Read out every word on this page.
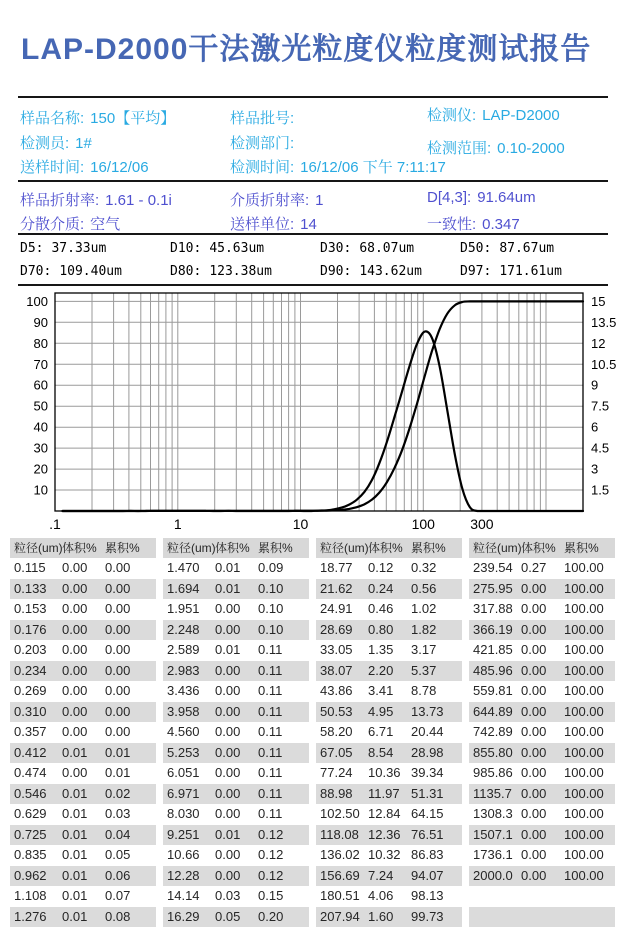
LAP-D2000干法激光粒度仪粒度测试报告
样品名称: 150【平均】	样品批号:	检测仪: LAP-D2000
检测员: 1#	检测部门:	检测范围: 0.10-2000
送样时间: 16/12/06	检测时间: 16/12/06 下午 7:11:17
样品折射率: 1.61 - 0.1i	介质折射率: 1	D[4,3]: 91.64um
分散介质: 空气	送样单位: 14	一致性: 0.347
D5: 37.33um	D10: 45.63um	D30: 68.07um	D50: 87.67um
D70: 109.40um	D80: 123.38um	D90: 143.62um	D97: 171.61um
10
20
30
40
50
60
70
80
90
100
1.5
3
4.5
6
7.5
9
10.5
12
13.5
15
.1	1	10	100	300
粒径(um) 体积% 累积%
0.115	0.00	0.00
0.133	0.00	0.00
0.153	0.00	0.00
0.176	0.00	0.00
0.203	0.00	0.00
0.234	0.00	0.00
0.269	0.00	0.00
0.310	0.00	0.00
0.357	0.00	0.00
0.412	0.01	0.01
0.474	0.00	0.01
0.546	0.01	0.02
0.629	0.01	0.03
0.725	0.01	0.04
0.835	0.01	0.05
0.962	0.01	0.06
1.108	0.01	0.07
1.276	0.01	0.08
粒径(um) 体积% 累积%
1.470	0.01	0.09
1.694	0.01	0.10
1.951	0.00	0.10
2.248	0.00	0.10
2.589	0.01	0.11
2.983	0.00	0.11
3.436	0.00	0.11
3.958	0.00	0.11
4.560	0.00	0.11
5.253	0.00	0.11
6.051	0.00	0.11
6.971	0.00	0.11
8.030	0.00	0.11
9.251	0.01	0.12
10.66	0.00	0.12
12.28	0.00	0.12
14.14	0.03	0.15
16.29	0.05	0.20
粒径(um) 体积% 累积%
18.77	0.12	0.32
21.62	0.24	0.56
24.91	0.46	1.02
28.69	0.80	1.82
33.05	1.35	3.17
38.07	2.20	5.37
43.86	3.41	8.78
50.53	4.95	13.73
58.20	6.71	20.44
67.05	8.54	28.98
77.24	10.36 39.34
88.98	11.97 51.31
102.50 12.84 64.15
118.08 12.36 76.51
136.02 10.32 86.83
156.69 7.24	94.07
180.51 4.06	98.13
207.94 1.60	99.73
粒径(um) 体积% 累积%
239.54 0.27	100.00
275.95 0.00	100.00
317.88 0.00	100.00
366.19 0.00	100.00
421.85 0.00	100.00
485.96 0.00	100.00
559.81 0.00	100.00
644.89 0.00	100.00
742.89 0.00	100.00
855.80 0.00	100.00
985.86 0.00	100.00
1135.7 0.00	100.00
1308.3 0.00	100.00
1507.1 0.00	100.00
1736.1 0.00	100.00
2000.0 0.00	100.00
